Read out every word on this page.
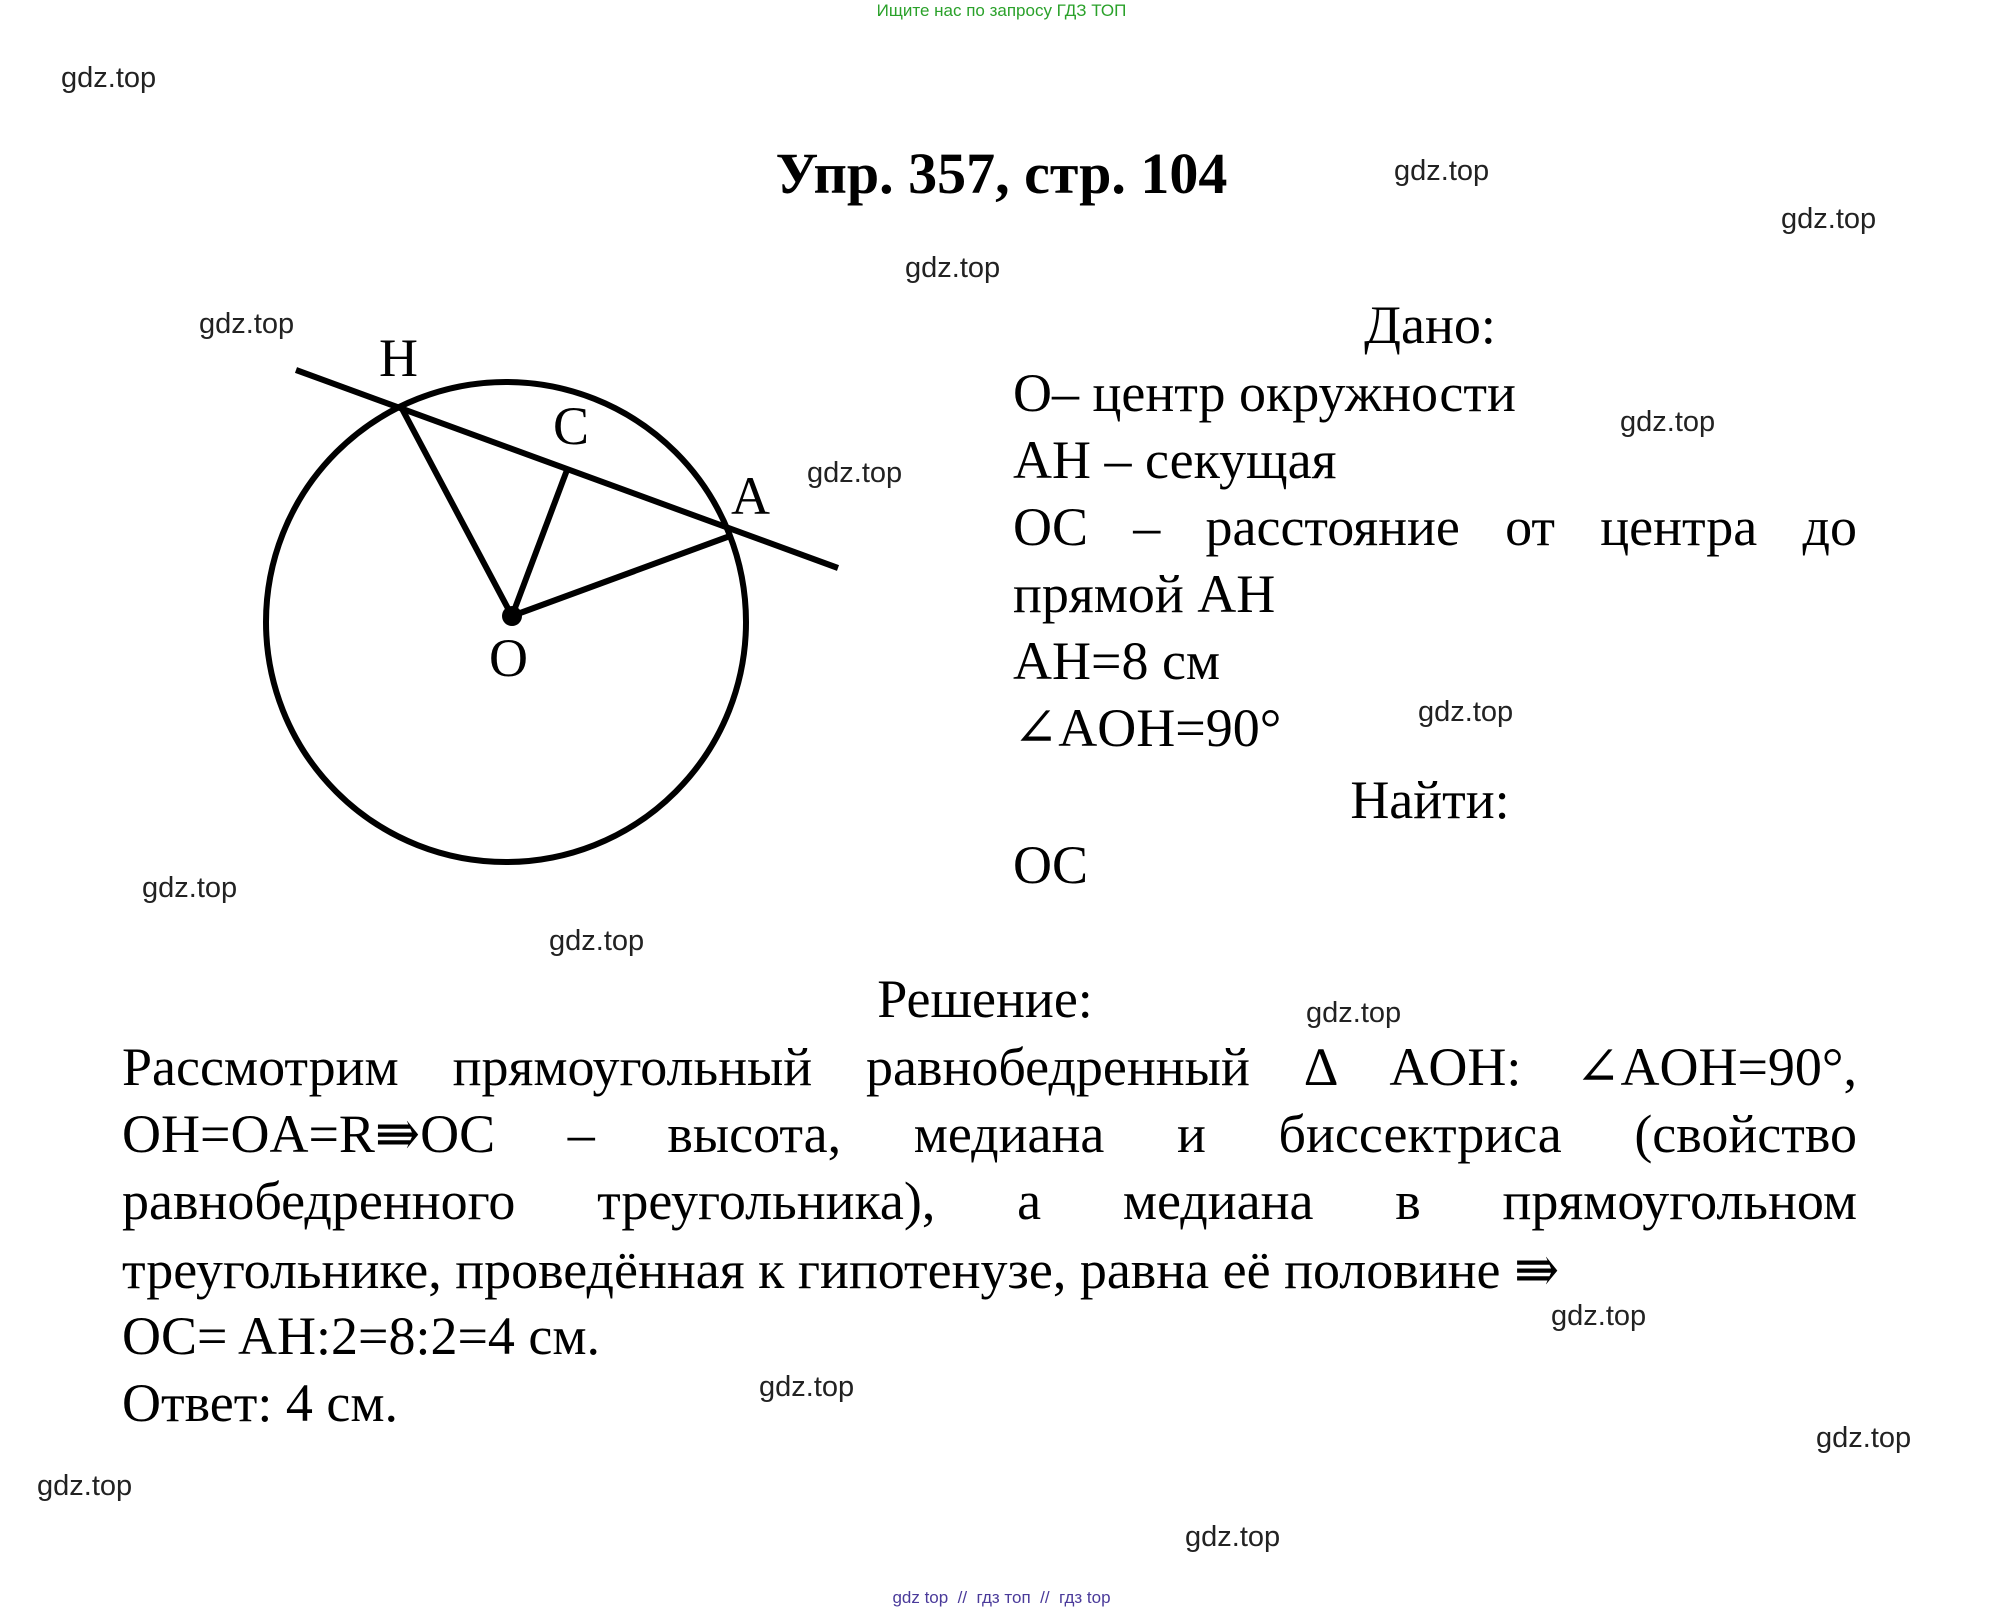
Ищите нас по запросу ГДЗ ТОП
Упр. 357, стр. 104
H
C
A
O
Дано:
O– центр окружности
AH – секущая
OC – расстояние от центра до
прямой AH
AH=8 см
∠AOH=90°
Найти:
OC
Решение:
Рассмотрим прямоугольный равнобедренный Δ AOH: ∠AOH=90°,
OH=OA=R⇛OC – высота, медиана и биссектриса (свойство
равнобедренного треугольника), а медиана в прямоугольном
треугольнике, проведённая к гипотенузе, равна её половине ⇛
OC= AH:2=8:2=4 см.
Ответ: 4 см.
gdz.top
gdz.top
gdz.top
gdz.top
gdz.top
gdz.top
gdz.top
gdz.top
gdz.top
gdz.top
gdz.top
gdz.top
gdz.top
gdz.top
gdz.top
gdz.top
gdz top  //  гдз топ  //  гдз top
